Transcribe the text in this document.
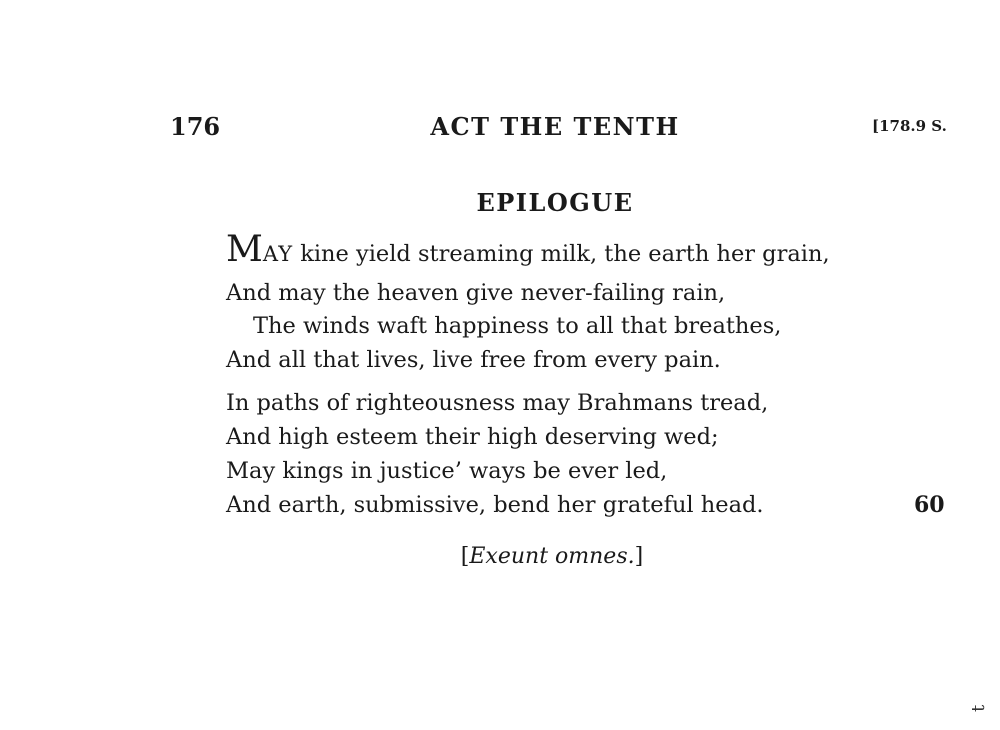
176	ACT THE TENTH	[178.9 S.
EPILOGUE
MAY kine yield streaming milk, the earth her grain,
And may the heaven give never-failing rain,
The winds waft happiness to all that breathes,
And all that lives, live free from every pain.
In paths of righteousness may Brahmans tread,
And high esteem their high deserving wed;
May kings in justice’ ways be ever led,
And earth, submissive, bend her grateful head.	60
[Exeunt omnes.]
t
